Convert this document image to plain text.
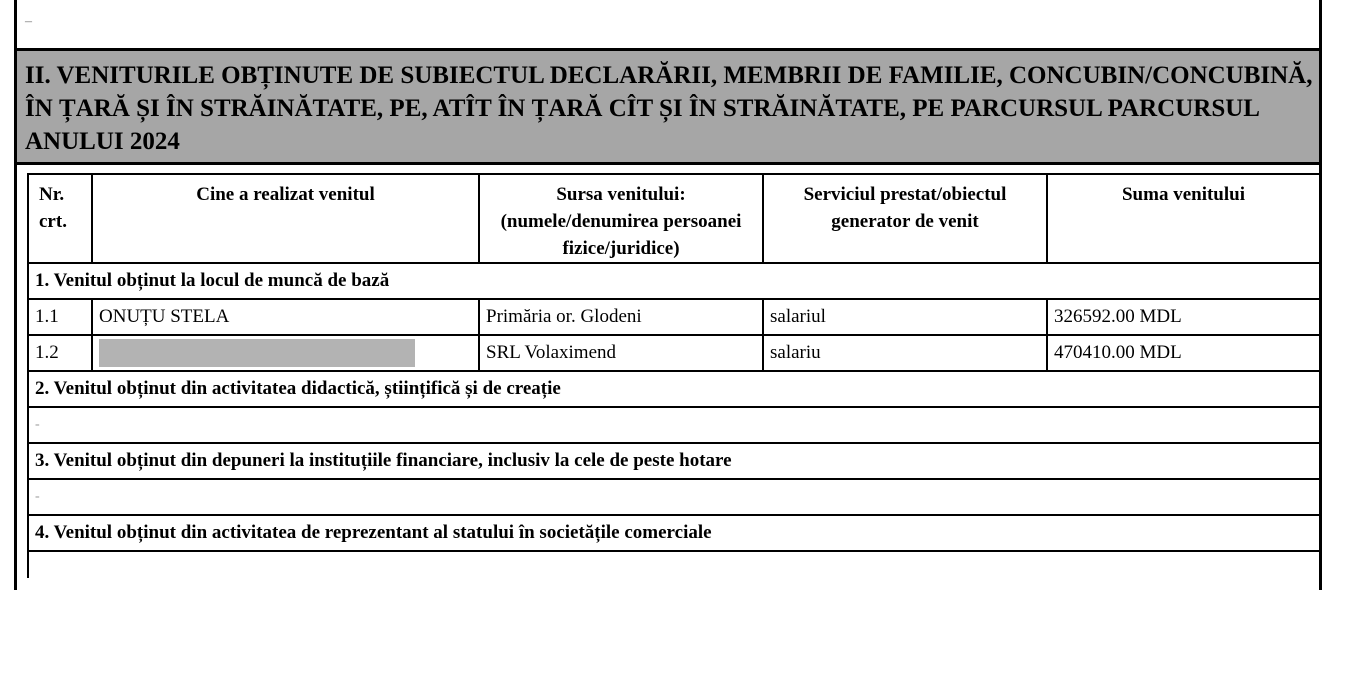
–
II. VENITURILE OBȚINUTE DE SUBIECTUL DECLARĂRII, MEMBRII DE FAMILIE, CONCUBIN/CONCUBINĂ, ÎN ȚARĂ ȘI ÎN STRĂINĂTATE, PE, ATÎT ÎN ȚARĂ CÎT ȘI ÎN STRĂINĂTATE, PE PARCURSUL PARCURSUL ANULUI 2024
Nr. crt.	Cine a realizat venitul	Sursa venitului: (numele/denumirea persoanei fizice/juridice)	Serviciul prestat/obiectul generator de venit	Suma venitului
1. Venitul obținut la locul de muncă de bază				
1.1	ONUȚU STELA	Primăria or. Glodeni	salariul	326592.00 MDL
1.2		SRL Volaximend	salariu	470410.00 MDL
2. Venitul obținut din activitatea didactică, științifică și de creație				
-				
3. Venitul obținut din depuneri la instituțiile financiare, inclusiv la cele de peste hotare				
-				
4. Venitul obținut din activitatea de reprezentant al statului în societățile comerciale				
